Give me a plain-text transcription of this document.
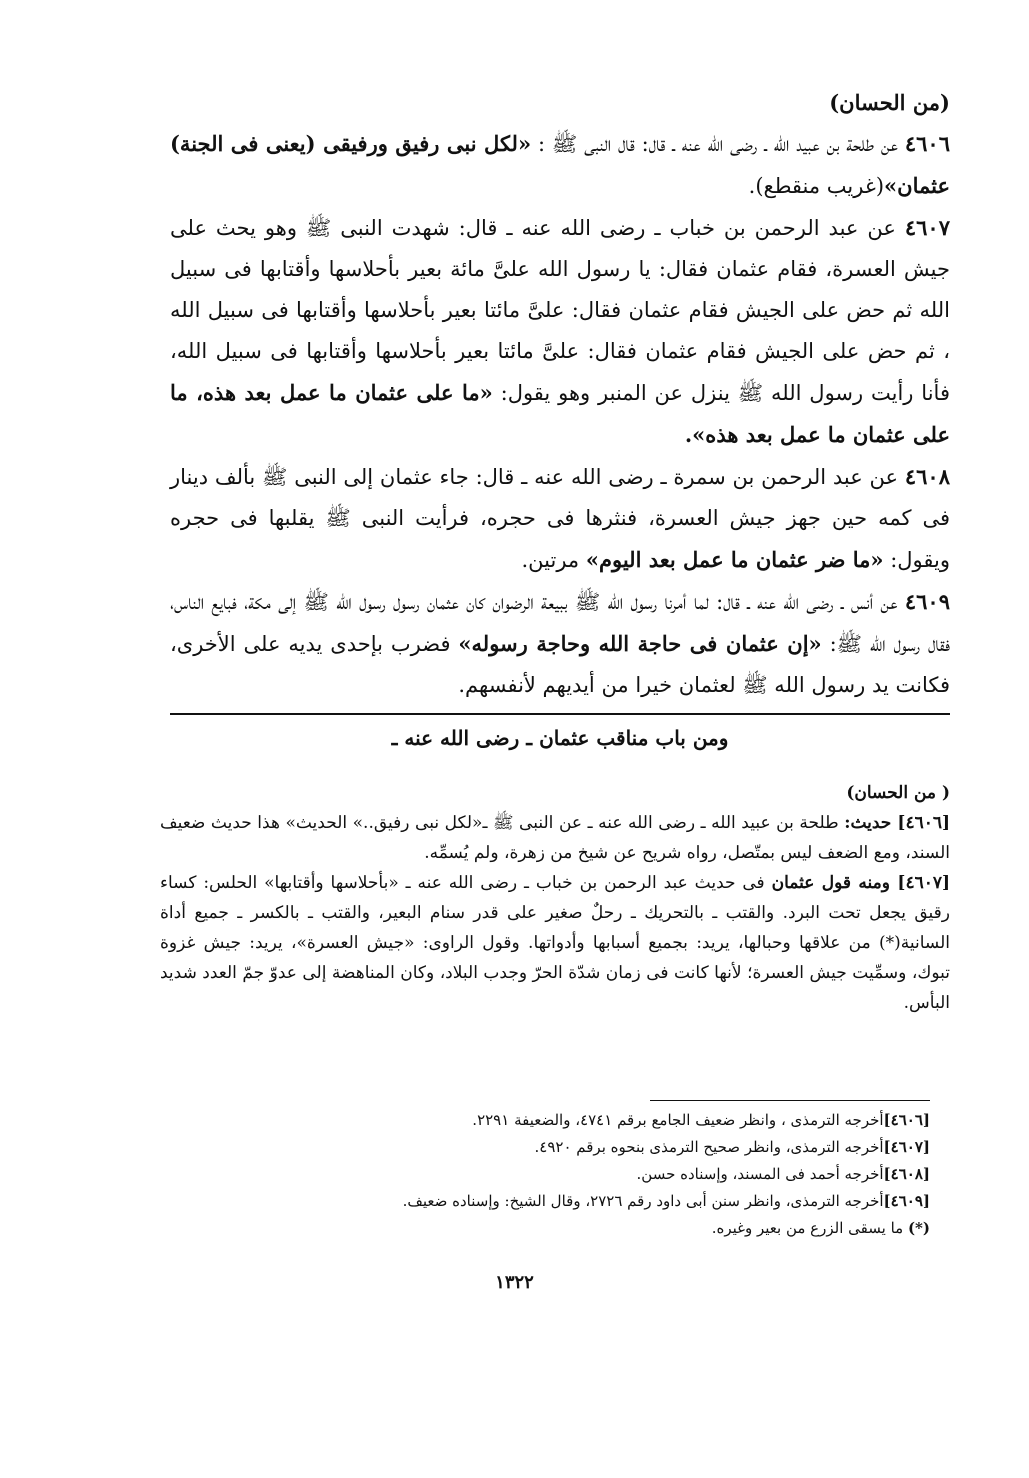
(من الحسان)

٤٦٠٦ عن طلحة بن عبيد الله ـ رضى الله عنه ـ قال: قال النبى ﷺ : «لكل نبى رفيق ورفيقى (يعنى فى الجنة) عثمان»(غريب منقطع).

٤٦٠٧ عن عبد الرحمن بن خباب ـ رضى الله عنه ـ قال: شهدت النبى ﷺ وهو يحث على جيش العسرة، فقام عثمان فقال: يا رسول الله علىَّ مائة بعير بأحلاسها وأقتابها فى سبيل الله ثم حض على الجيش فقام عثمان فقال: علىَّ مائتا بعير بأحلاسها وأقتابها فى سبيل الله ، ثم حض على الجيش فقام عثمان فقال: علىَّ مائتا بعير بأحلاسها وأقتابها فى سبيل الله، فأنا رأيت رسول الله ﷺ ينزل عن المنبر وهو يقول: «ما على عثمان ما عمل بعد هذه، ما على عثمان ما عمل بعد هذه».

٤٦٠٨ عن عبد الرحمن بن سمرة ـ رضى الله عنه ـ قال: جاء عثمان إلى النبى ﷺ بألف دينار فى كمه حين جهز جيش العسرة، فنثرها فى حجره، فرأيت النبى ﷺ يقلبها فى حجره ويقول: «ما ضر عثمان ما عمل بعد اليوم» مرتين.

٤٦٠٩ عن أنس ـ رضى الله عنه ـ قال: لما أمرنا رسول الله ﷺ ببيعة الرضوان كان عثمان رسول رسول الله ﷺ إلى مكة، فبايع الناس، فقال رسول الله ﷺ: «إن عثمان فى حاجة الله وحاجة رسوله» فضرب بإحدى يديه على الأخرى، فكانت يد رسول الله ﷺ لعثمان خيرا من أيديهم لأنفسهم.

ومن باب مناقب عثمان ـ رضى الله عنه ـ

( من الحسان)

[٤٦٠٦] حديث: طلحة بن عبيد الله ـ رضى الله عنه ـ عن النبى ﷺ ـ«لكل نبى رفيق..» الحديث» هذا حديث ضعيف السند، ومع الضعف ليس بمتّصل، رواه شريح عن شيخ من زهرة، ولم يُسمِّه.

[٤٦٠٧] ومنه قول عثمان فى حديث عبد الرحمن بن خباب ـ رضى الله عنه ـ «بأحلاسها وأقتابها» الحلس: كساء رقيق يجعل تحت البرد. والقتب ـ بالتحريك ـ رحلٌ صغير على قدر سنام البعير، والقتب ـ بالكسر ـ جميع أداة السانية(*) من علاقها وحبالها، يريد: بجميع أسبابها وأدواتها. وقول الراوى: «جيش العسرة»، يريد: جيش غزوة تبوك، وسمِّيت جيش العسرة؛ لأنها كانت فى زمان شدّة الحرّ وجدب البلاد، وكان المناهضة إلى عدوّ جمّ العدد شديد البأس.

[٤٦٠٦]أخرجه الترمذى ، وانظر ضعيف الجامع برقم ٤٧٤١، والضعيفة ٢٢٩١.

[٤٦٠٧]أخرجه الترمذى، وانظر صحيح الترمذى بنحوه برقم ٤٩٢٠.

[٤٦٠٨]أخرجه أحمد فى المسند، وإسناده حسن.

[٤٦٠٩]أخرجه الترمذى، وانظر سنن أبى داود رقم ٢٧٢٦، وقال الشيخ: وإسناده ضعيف.

(*) ما يسقى الزرع من بعير وغيره.

١٣٢٢
